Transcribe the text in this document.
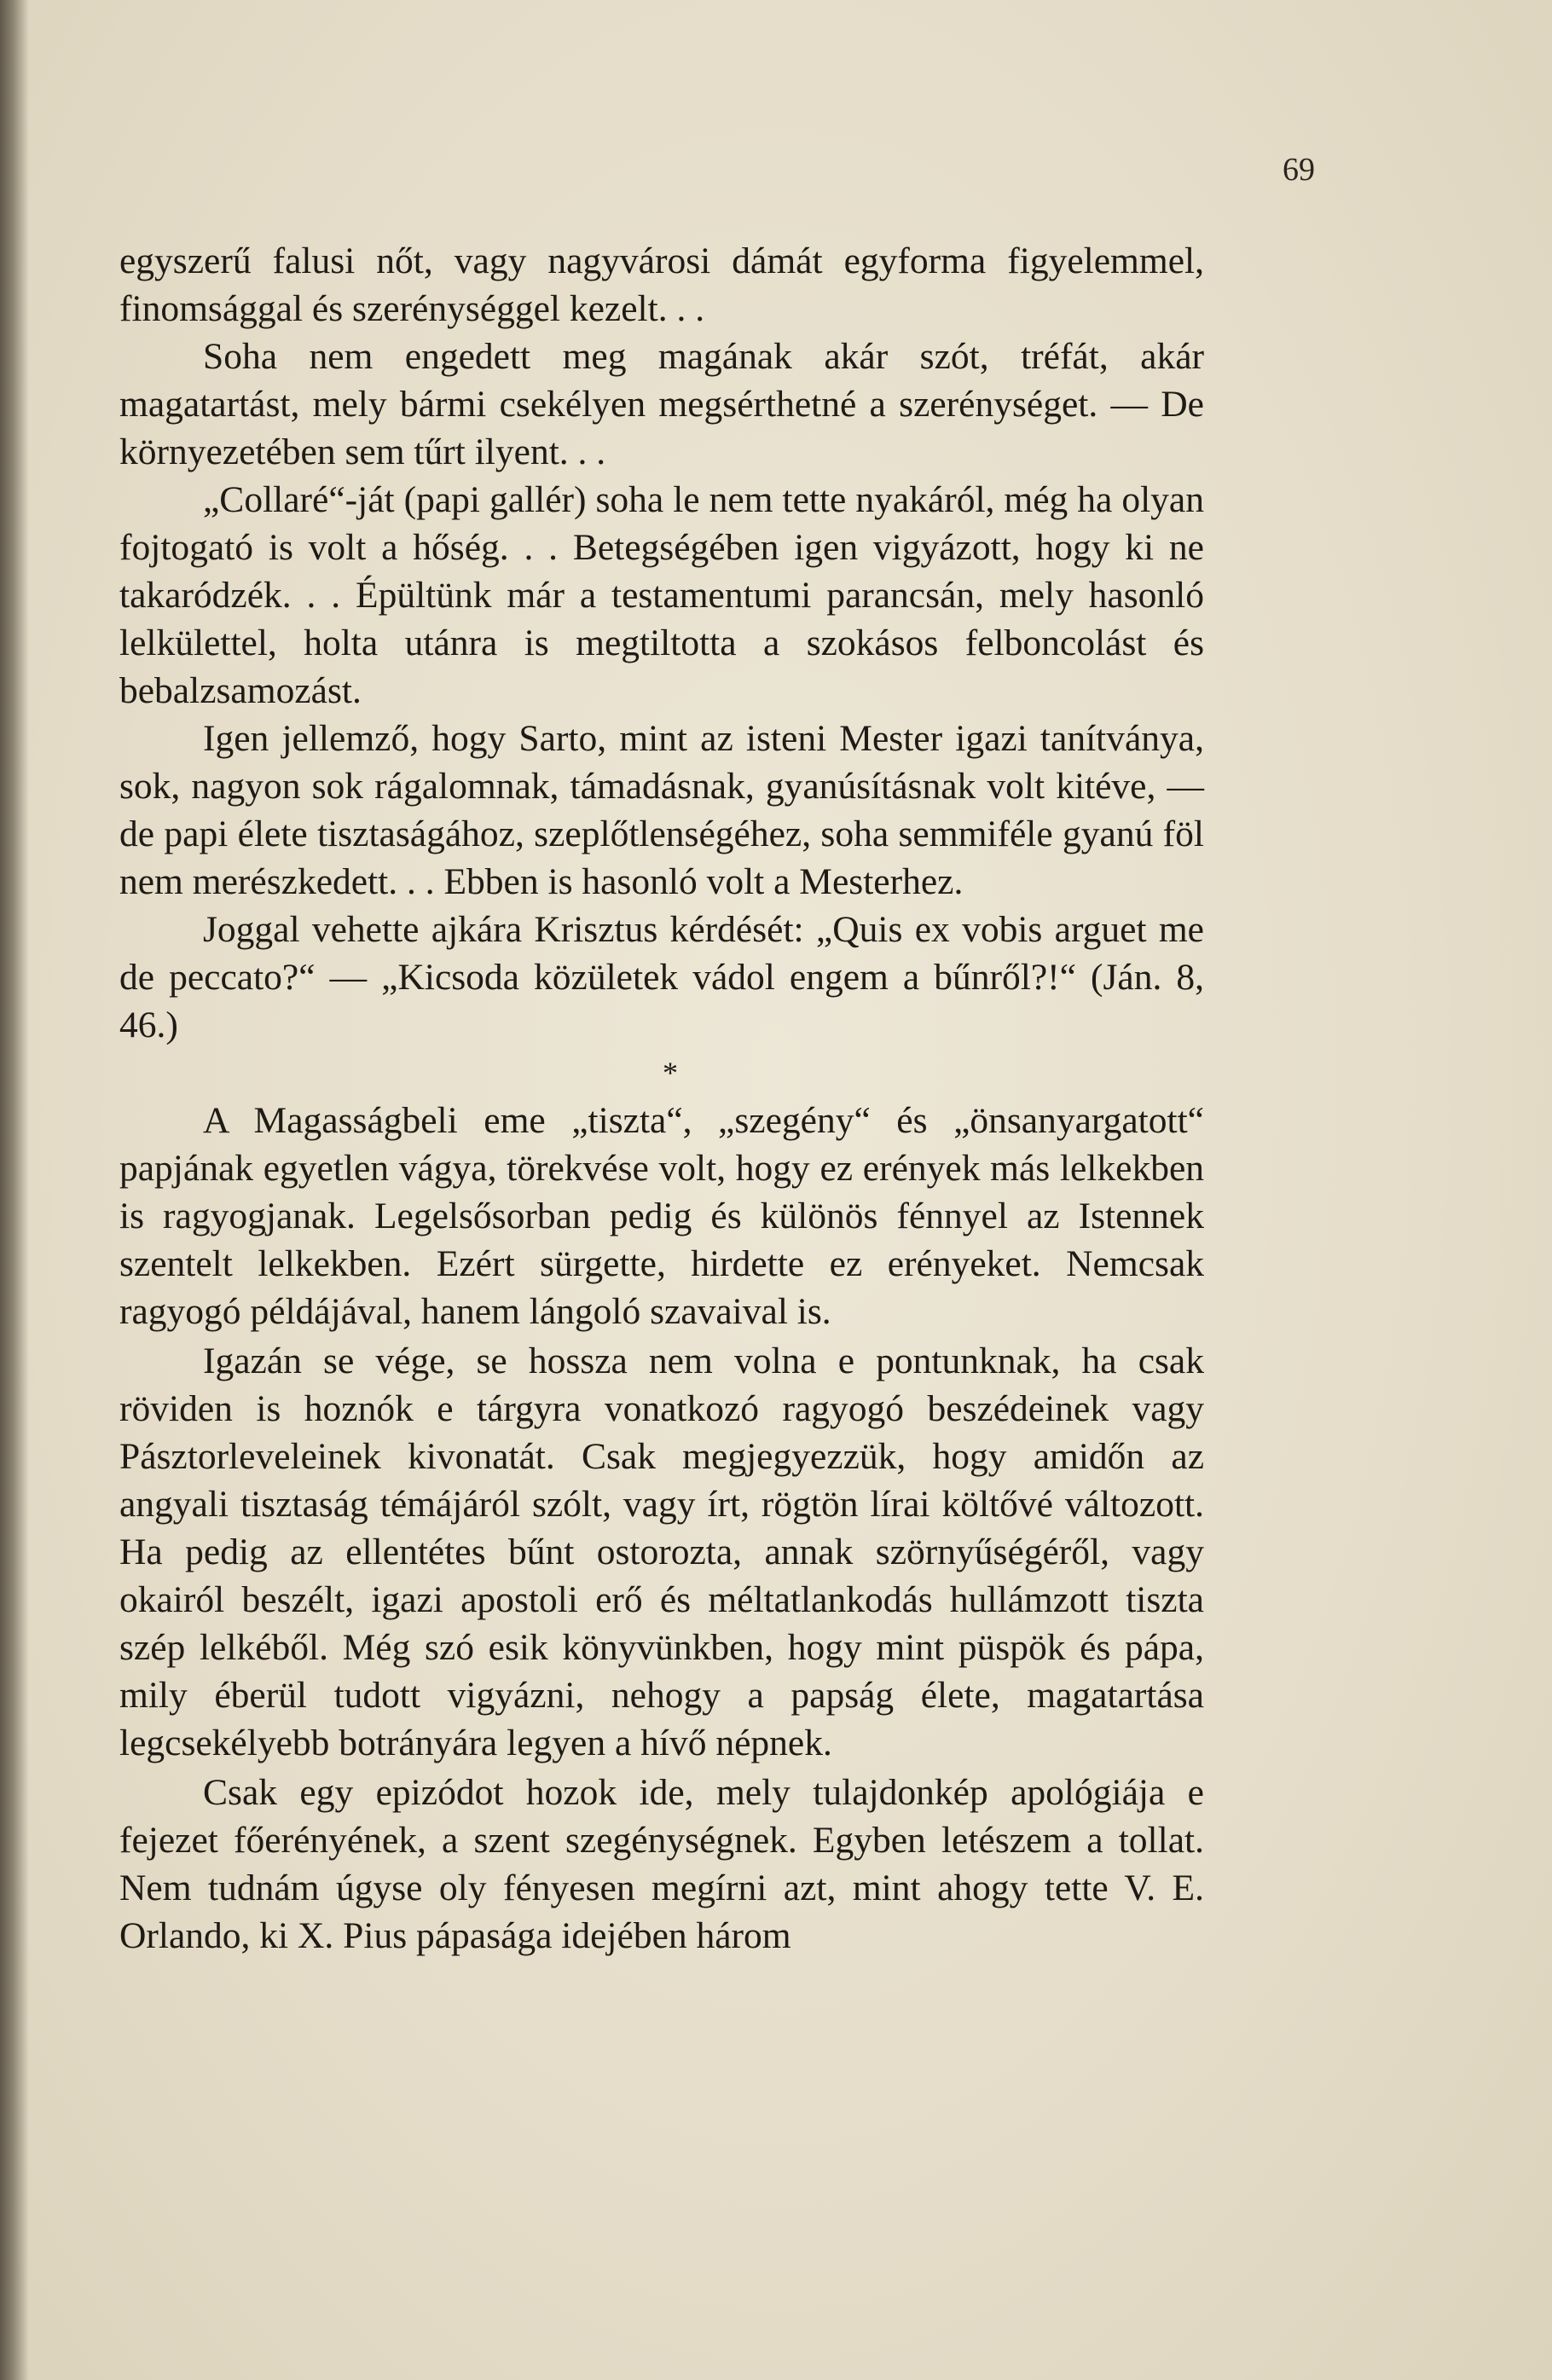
69

egyszerű falusi nőt, vagy nagyvárosi dámát egyforma figyelemmel, finomsággal és szerénységgel kezelt. . .

Soha nem engedett meg magának akár szót, tréfát, akár magatartást, mely bármi csekélyen megsérthetné a szerénységet. — De környezetében sem tűrt ilyent. . .

„Collaré“-ját (papi gallér) soha le nem tette nyakáról, még ha olyan fojtogató is volt a hőség. . . Betegségében igen vigyázott, hogy ki ne takaródzék. . . Épültünk már a testamentumi parancsán, mely hasonló lelkülettel, holta utánra is megtiltotta a szokásos felboncolást és bebalzsamozást.

Igen jellemző, hogy Sarto, mint az isteni Mester igazi tanítványa, sok, nagyon sok rágalomnak, támadásnak, gyanúsításnak volt kitéve, — de papi élete tisztaságához, szeplőtlenségéhez, soha semmiféle gyanú föl nem merészkedett. . . Ebben is hasonló volt a Mesterhez.

Joggal vehette ajkára Krisztus kérdését: „Quis ex vobis arguet me de peccato?“ — „Kicsoda közületek vádol engem a bűnről?!“ (Ján. 8, 46.)

*

A Magasságbeli eme „tiszta“, „szegény“ és „önsanyargatott“ papjának egyetlen vágya, törekvése volt, hogy ez erények más lelkekben is ragyogjanak. Legelsősorban pedig és különös fénnyel az Istennek szentelt lelkekben. Ezért sürgette, hirdette ez erényeket. Nemcsak ragyogó példájával, hanem lángoló szavaival is.

Igazán se vége, se hossza nem volna e pontunknak, ha csak röviden is hoznók e tárgyra vonatkozó ragyogó beszédeinek vagy Pásztorleveleinek kivonatát. Csak megjegyezzük, hogy amidőn az angyali tisztaság témájáról szólt, vagy írt, rögtön lírai költővé változott. Ha pedig az ellentétes bűnt ostorozta, annak szörnyűségéről, vagy okairól beszélt, igazi apostoli erő és méltatlankodás hullámzott tiszta szép lelkéből. Még szó esik könyvünkben, hogy mint püspök és pápa, mily éberül tudott vigyázni, nehogy a papság élete, magatartása legcsekélyebb botrányára legyen a hívő népnek.

Csak egy epizódot hozok ide, mely tulajdonkép apológiája e fejezet főerényének, a szent szegénységnek. Egyben letészem a tollat. Nem tudnám úgyse oly fényesen megírni azt, mint ahogy tette V. E. Orlando, ki X. Pius pápasága idejében három
